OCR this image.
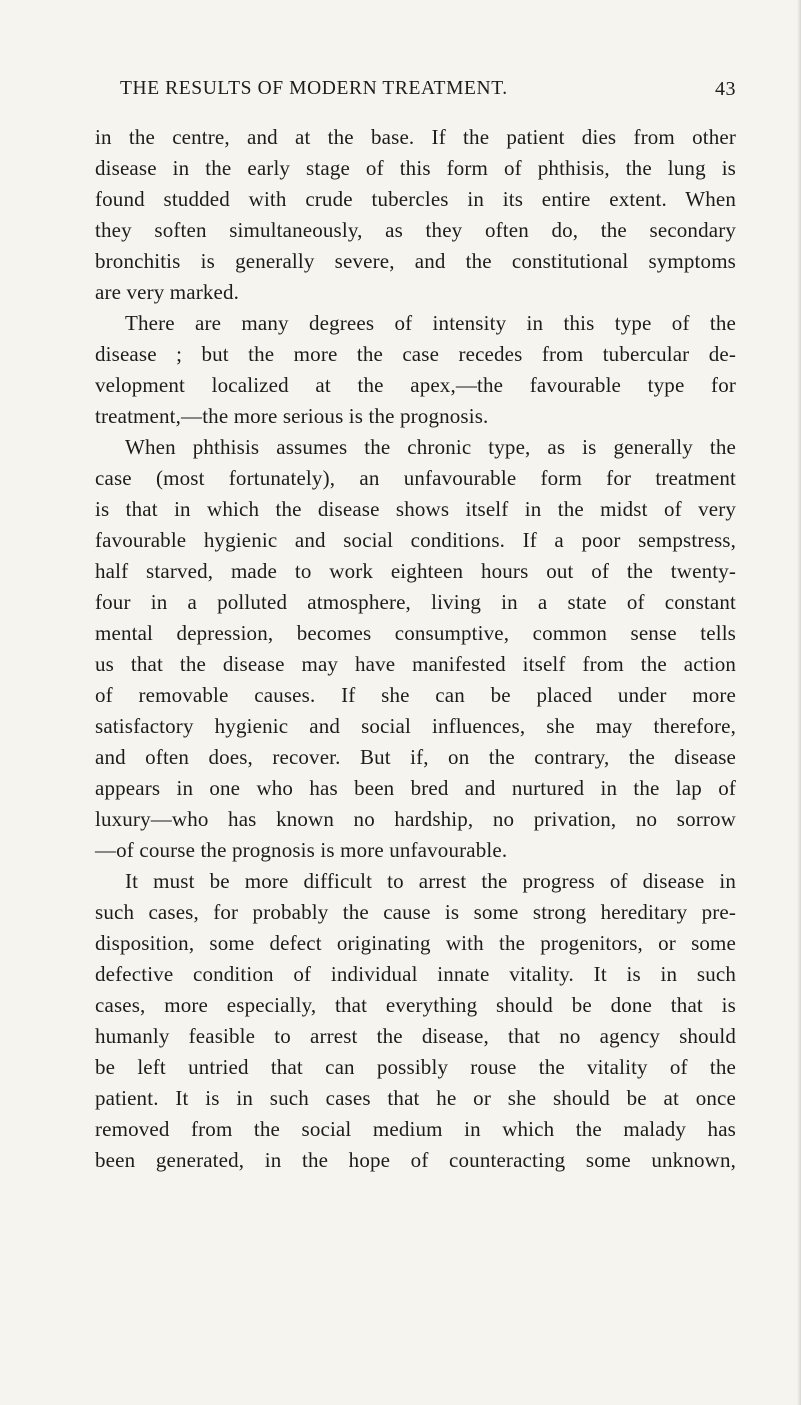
THE RESULTS OF MODERN TREATMENT.	43
in the centre, and at the base. If the patient dies from other
disease in the early stage of this form of phthisis, the lung is
found studded with crude tubercles in its entire extent. When
they soften simultaneously, as they often do, the secondary
bronchitis is generally severe, and the constitutional symptoms
are very marked.
There are many degrees of intensity in this type of the
disease ; but the more the case recedes from tubercular de-
velopment localized at the apex,—the favourable type for
treatment,—the more serious is the prognosis.
When phthisis assumes the chronic type, as is generally the
case (most fortunately), an unfavourable form for treatment
is that in which the disease shows itself in the midst of very
favourable hygienic and social conditions. If a poor sempstress,
half starved, made to work eighteen hours out of the twenty-
four in a polluted atmosphere, living in a state of constant
mental depression, becomes consumptive, common sense tells
us that the disease may have manifested itself from the action
of removable causes. If she can be placed under more
satisfactory hygienic and social influences, she may therefore,
and often does, recover. But if, on the contrary, the disease
appears in one who has been bred and nurtured in the lap of
luxury—who has known no hardship, no privation, no sorrow
—of course the prognosis is more unfavourable.
It must be more difficult to arrest the progress of disease in
such cases, for probably the cause is some strong hereditary pre-
disposition, some defect originating with the progenitors, or some
defective condition of individual innate vitality. It is in such
cases, more especially, that everything should be done that is
humanly feasible to arrest the disease, that no agency should
be left untried that can possibly rouse the vitality of the
patient. It is in such cases that he or she should be at once
removed from the social medium in which the malady has
been generated, in the hope of counteracting some unknown,
